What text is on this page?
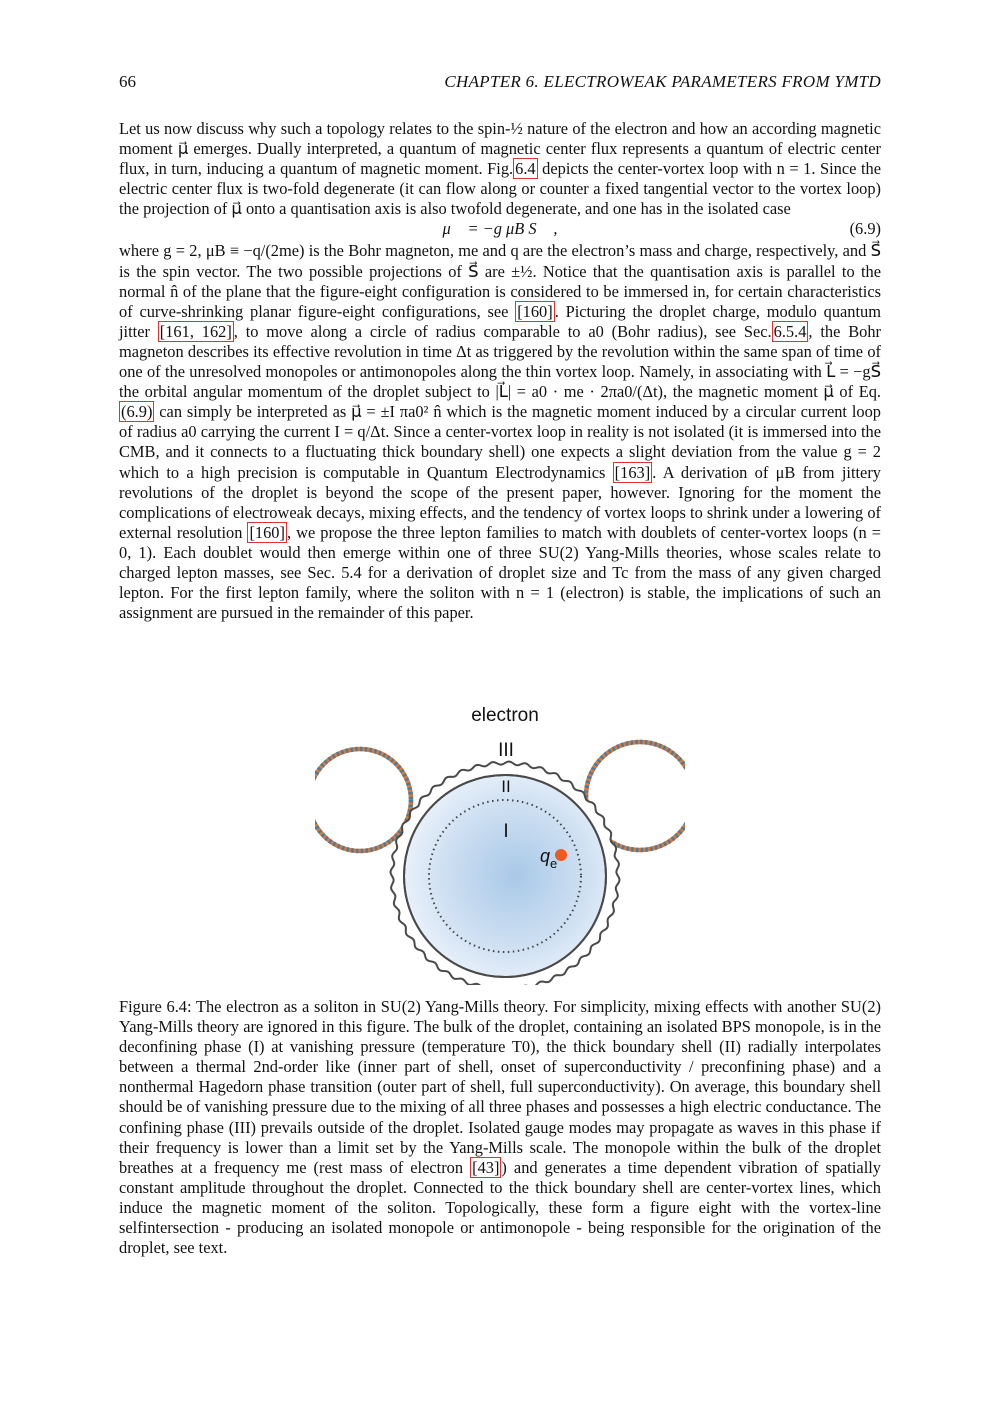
66	CHAPTER 6. ELECTROWEAK PARAMETERS FROM YMTD

Let us now discuss why such a topology relates to the spin-½ nature of the electron and how an according magnetic moment μ⃗ emerges. Dually interpreted, a quantum of magnetic center flux represents a quantum of electric center flux, in turn, inducing a quantum of magnetic moment. Fig. 6.4 depicts the center-vortex loop with n = 1. Since the electric center flux is two-fold degenerate (it can flow along or counter a fixed tangential vector to the vortex loop) the projection of μ⃗ onto a quantisation axis is also twofold degenerate, and one has in the isolated case

μ⃗ = −g μB S⃗ ,	(6.9)

where g = 2, μB ≡ −q/(2me) is the Bohr magneton, me and q are the electron’s mass and charge, respectively, and S⃗ is the spin vector. The two possible projections of S⃗ are ±½. Notice that the quantisation axis is parallel to the normal n̂ of the plane that the figure-eight configuration is considered to be immersed in, for certain characteristics of curve-shrinking planar figure-eight configurations, see [160] . Picturing the droplet charge, modulo quantum jitter [161, 162] , to move along a circle of radius comparable to a0 (Bohr radius), see Sec. 6.5.4 , the Bohr magneton describes its effective revolution in time Δt as triggered by the revolution within the same span of time of one of the unresolved monopoles or antimonopoles along the thin vortex loop. Namely, in associating with L⃗ = −gS⃗ the orbital angular momentum of the droplet subject to |L⃗| = a0 · me · 2πa0/(Δt), the magnetic moment μ⃗ of Eq. (6.9) can simply be interpreted as μ⃗ = ±I πa0² n̂ which is the magnetic moment induced by a circular current loop of radius a0 carrying the current I = q/Δt. Since a center-vortex loop in reality is not isolated (it is immersed into the CMB, and it connects to a fluctuating thick boundary shell) one expects a slight deviation from the value g = 2 which to a high precision is computable in Quantum Electrodynamics [163] . A derivation of μB from jittery revolutions of the droplet is beyond the scope of the present paper, however. Ignoring for the moment the complications of electroweak decays, mixing effects, and the tendency of vortex loops to shrink under a lowering of external resolution [160] , we propose the three lepton families to match with doublets of center-vortex loops (n = 0, 1). Each doublet would then emerge within one of three SU(2) Yang-Mills theories, whose scales relate to charged lepton masses, see Sec. 5.4 for a derivation of droplet size and Tc from the mass of any given charged lepton. For the first lepton family, where the soliton with n = 1 (electron) is stable, the implications of such an assignment are pursued in the remainder of this paper.

electron
III
II
I
$q_e$

Figure 6.4: The electron as a soliton in SU(2) Yang-Mills theory. For simplicity, mixing effects with another SU(2) Yang-Mills theory are ignored in this figure. The bulk of the droplet, containing an isolated BPS monopole, is in the deconfining phase (I) at vanishing pressure (temperature T0), the thick boundary shell (II) radially interpolates between a thermal 2nd-order like (inner part of shell, onset of superconductivity / preconfining phase) and a nonthermal Hagedorn phase transition (outer part of shell, full superconductivity). On average, this boundary shell should be of vanishing pressure due to the mixing of all three phases and possesses a high electric conductance. The confining phase (III) prevails outside of the droplet. Isolated gauge modes may propagate as waves in this phase if their frequency is lower than a limit set by the Yang-Mills scale. The monopole within the bulk of the droplet breathes at a frequency me (rest mass of electron [43] ) and generates a time dependent vibration of spatially constant amplitude throughout the droplet. Connected to the thick boundary shell are center-vortex lines, which induce the magnetic moment of the soliton. Topologically, these form a figure eight with the vortex-line selfintersection - producing an isolated monopole or antimonopole - being responsible for the origination of the droplet, see text.
